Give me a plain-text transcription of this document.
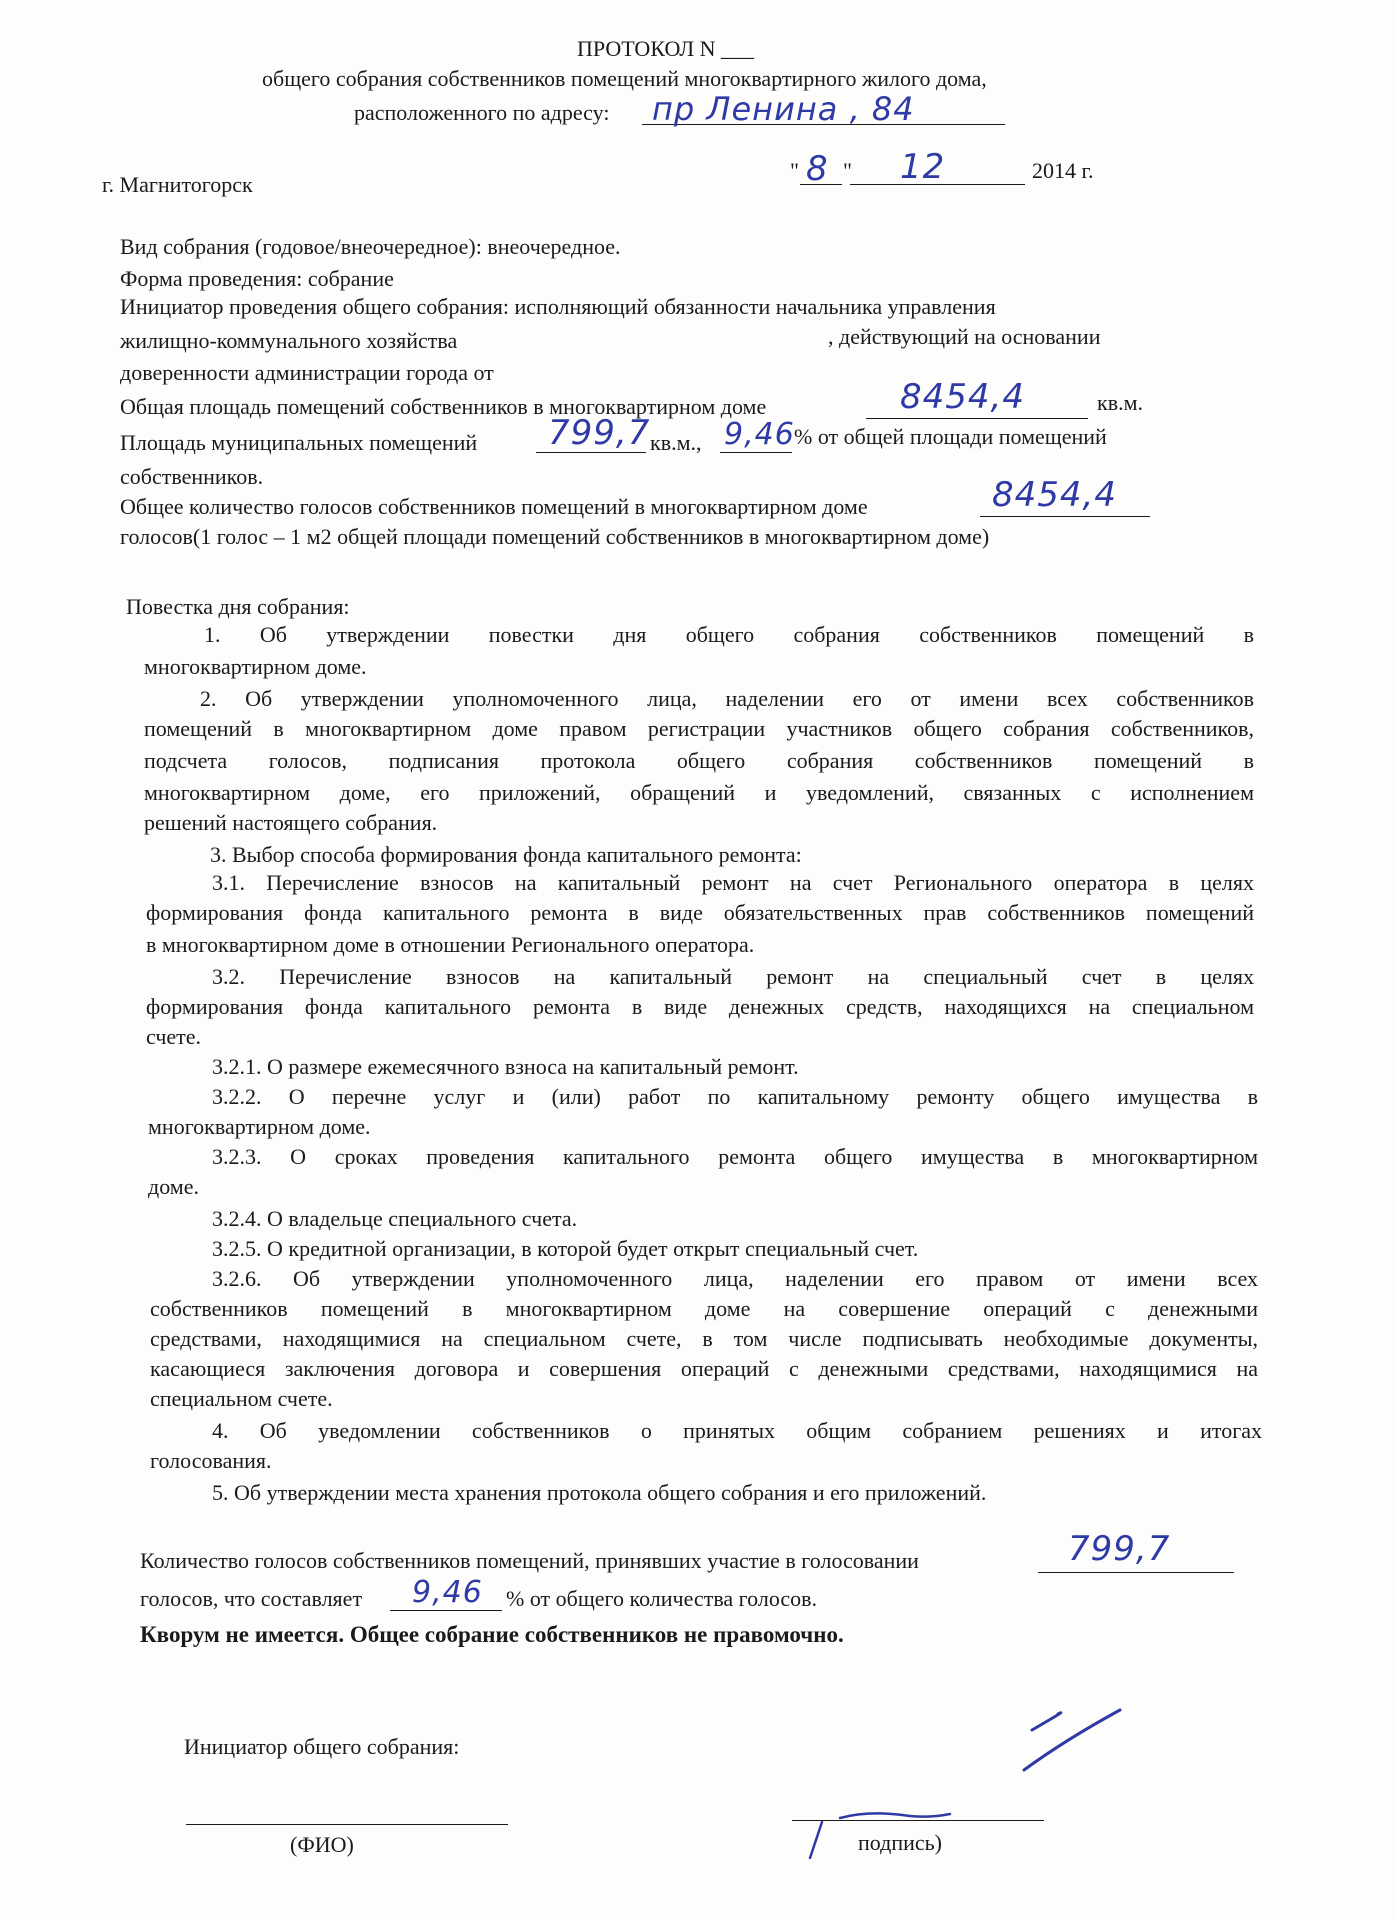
ПРОТОКОЛ N ___
общего собрания собственников помещений многоквартирного жилого дома,
расположенного по адресу: пр Ленина , 84
г. Магнитогорск
" 8 " 12	2014 г.
Вид собрания (годовое/внеочередное): внеочередное.
Форма проведения: собрание
Инициатор проведения общего собрания: исполняющий обязанности начальника управления
жилищно-коммунального хозяйства	, действующий на основании
доверенности администрации города от
Общая площадь помещений собственников в многоквартирном доме	8454,4	кв.м.
Площадь муниципальных помещений 799,7 кв.м., 9,46 % от общей площади помещений
собственников.
Общее количество голосов собственников помещений в многоквартирном доме	8454,4
голосов(1 голос – 1 м2 общей площади помещений собственников в многоквартирном доме)
Повестка дня собрания:
1. Об утверждении повестки дня общего собрания собственников помещений в
многоквартирном доме.
2. Об утверждении уполномоченного лица, наделении его от имени всех собственников
помещений в многоквартирном доме правом регистрации участников общего собрания собственников,
подсчета голосов, подписания протокола общего собрания собственников помещений в
многоквартирном доме, его приложений, обращений и уведомлений, связанных с исполнением
решений настоящего собрания.
3. Выбор способа формирования фонда капитального ремонта:
3.1. Перечисление взносов на капитальный ремонт на счет Регионального оператора в целях
формирования фонда капитального ремонта в виде обязательственных прав собственников помещений
в многоквартирном доме в отношении Регионального оператора.
3.2. Перечисление взносов на капитальный ремонт на специальный счет в целях
формирования фонда капитального ремонта в виде денежных средств, находящихся на специальном
счете.
3.2.1. О размере ежемесячного взноса на капитальный ремонт.
3.2.2. О перечне услуг и (или) работ по капитальному ремонту общего имущества в
многоквартирном доме.
3.2.3. О сроках проведения капитального ремонта общего имущества в многоквартирном
доме.
3.2.4. О владельце специального счета.
3.2.5. О кредитной организации, в которой будет открыт специальный счет.
3.2.6. Об утверждении уполномоченного лица, наделении его правом от имени всех
собственников помещений в многоквартирном доме на совершение операций с денежными
средствами, находящимися на специальном счете, в том числе подписывать необходимые документы,
касающиеся заключения договора и совершения операций с денежными средствами, находящимися на
специальном счете.
4. Об уведомлении собственников о принятых общим собранием решениях и итогах
голосования.
5. Об утверждении места хранения протокола общего собрания и его приложений.
Количество голосов собственников помещений, принявших участие в голосовании	799,7
голосов, что составляет 9,46 % от общего количества голосов.
Кворум не имеется. Общее собрание собственников не правомочно.
Инициатор общего собрания:
(ФИО)	подпись)
